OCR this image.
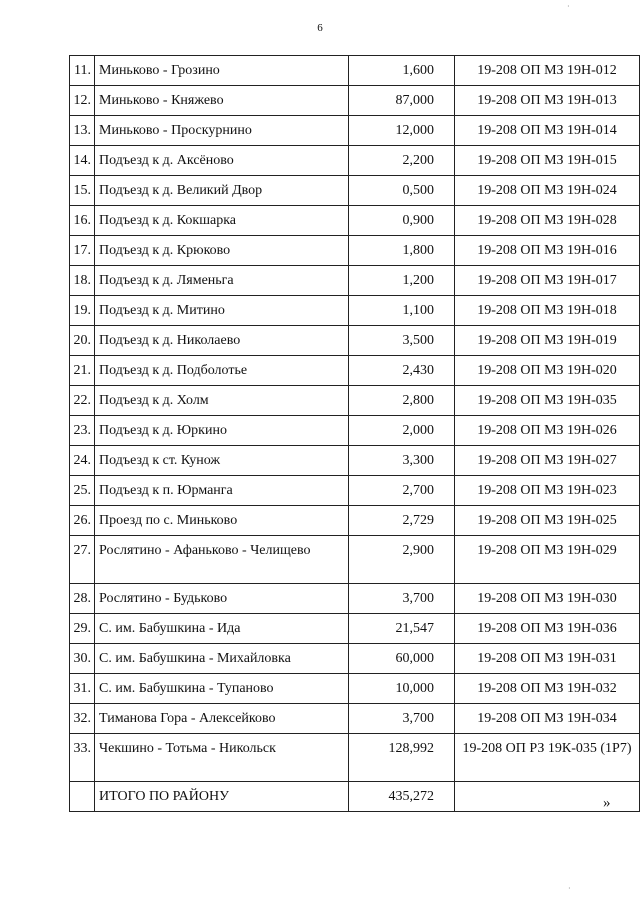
6
11.	Миньково - Грозино	1,600	19-208 ОП МЗ 19Н-012
12.	Миньково - Княжево	87,000	19-208 ОП МЗ 19Н-013
13.	Миньково - Проскурнино	12,000	19-208 ОП МЗ 19Н-014
14.	Подъезд к д. Аксёново	2,200	19-208 ОП МЗ 19Н-015
15.	Подъезд к д. Великий Двор	0,500	19-208 ОП МЗ 19Н-024
16.	Подъезд к д. Кокшарка	0,900	19-208 ОП МЗ 19Н-028
17.	Подъезд к д. Крюково	1,800	19-208 ОП МЗ 19Н-016
18.	Подъезд к д. Ляменьга	1,200	19-208 ОП МЗ 19Н-017
19.	Подъезд к д. Митино	1,100	19-208 ОП МЗ 19Н-018
20.	Подъезд к д. Николаево	3,500	19-208 ОП МЗ 19Н-019
21.	Подъезд к д. Подболотье	2,430	19-208 ОП МЗ 19Н-020
22.	Подъезд к д. Холм	2,800	19-208 ОП МЗ 19Н-035
23.	Подъезд к д. Юркино	2,000	19-208 ОП МЗ 19Н-026
24.	Подъезд к ст. Кунож	3,300	19-208 ОП МЗ 19Н-027
25.	Подъезд к п. Юрманга	2,700	19-208 ОП МЗ 19Н-023
26.	Проезд по с. Миньково	2,729	19-208 ОП МЗ 19Н-025
27.	Рослятино - Афаньково - Челищево	2,900	19-208 ОП МЗ 19Н-029
28.	Рослятино - Будьково	3,700	19-208 ОП МЗ 19Н-030
29.	С. им. Бабушкина - Ида	21,547	19-208 ОП МЗ 19Н-036
30.	С. им. Бабушкина - Михайловка	60,000	19-208 ОП МЗ 19Н-031
31.	С. им. Бабушкина - Тупаново	10,000	19-208 ОП МЗ 19Н-032
32.	Тиманова Гора - Алексейково	3,700	19-208 ОП МЗ 19Н-034
33.	Чекшино - Тотьма - Никольск	128,992	19-208 ОП РЗ 19К-035 (1Р7)
	ИТОГО ПО РАЙОНУ	435,272		»
·
·
